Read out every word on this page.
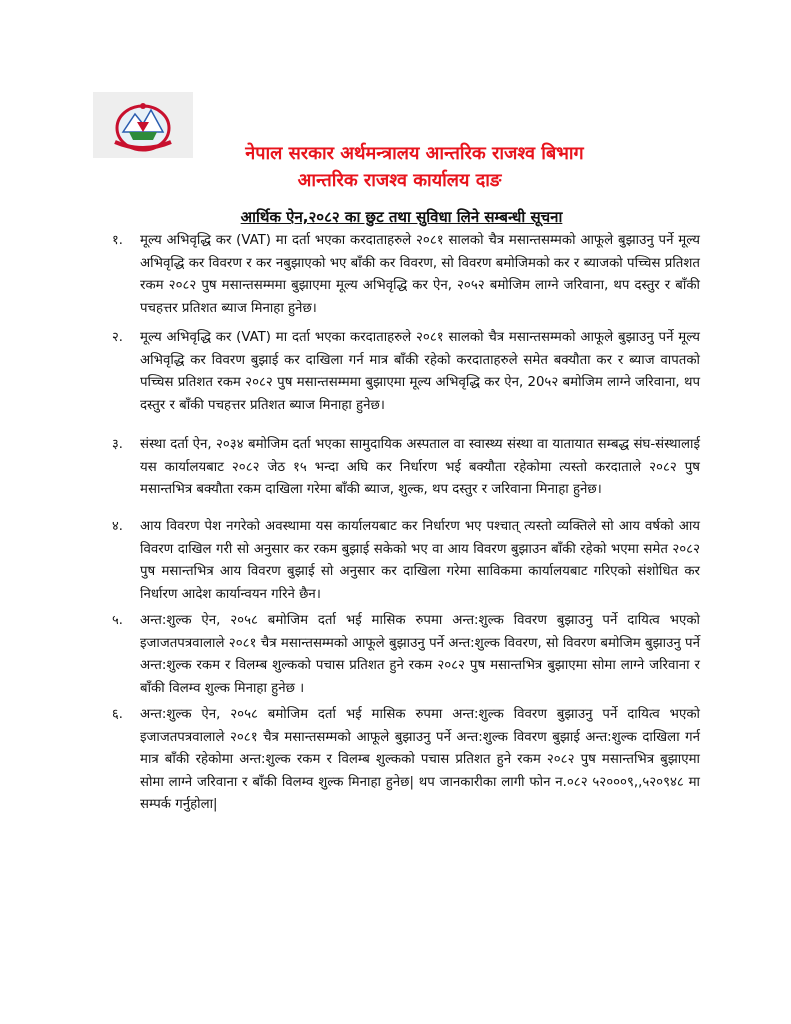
नेपाल सरकार अर्थमन्त्रालय आन्तरिक राजश्व बिभाग
आन्तरिक राजश्व कार्यालय दाङ
आर्थिक ऐन,२०८२ का छुट तथा सुविधा लिने सम्बन्धी सूचना
१. मूल्य अभिवृद्धि कर (VAT) मा दर्ता भएका करदाताहरुले २०८१ सालको चैत्र मसान्तसम्मको आफूले बुझाउनु पर्ने मूल्य अभिवृद्धि कर विवरण र कर नबुझाएको भए बाँकी कर विवरण, सो विवरण बमोजिमको कर र ब्याजको पच्चिस प्रतिशत रकम २०८२ पुष मसान्तसम्ममा बुझाएमा मूल्य अभिवृद्धि कर ऐन, २०५२ बमोजिम लाग्ने जरिवाना, थप दस्तुर र बाँकी पचहत्तर प्रतिशत ब्याज मिनाहा हुनेछ।
२. मूल्य अभिवृद्धि कर (VAT) मा दर्ता भएका करदाताहरुले २०८१ सालको चैत्र मसान्तसम्मको आफूले बुझाउनु पर्ने मूल्य अभिवृद्धि कर विवरण बुझाई कर दाखिला गर्न मात्र बाँकी रहेको करदाताहरुले समेत बक्यौता कर र ब्याज वापतको पच्चिस प्रतिशत रकम २०८२ पुष मसान्तसम्ममा बुझाएमा मूल्य अभिवृद्धि कर ऐन, 20५२ बमोजिम लाग्ने जरिवाना, थप दस्तुर र बाँकी पचहत्तर प्रतिशत ब्याज मिनाहा हुनेछ।
३. संस्था दर्ता ऐन, २०३४ बमोजिम दर्ता भएका सामुदायिक अस्पताल वा स्वास्थ्य संस्था वा यातायात सम्बद्ध संघ-संस्थालाई यस कार्यालयबाट २०८२ जेठ १५ भन्दा अघि कर निर्धारण भई बक्यौता रहेकोमा त्यस्तो करदाताले २०८२ पुष मसान्तभित्र बक्यौता रकम दाखिला गरेमा बाँकी ब्याज, शुल्क, थप दस्तुर र जरिवाना मिनाहा हुनेछ।
४. आय विवरण पेश नगरेको अवस्थामा यस कार्यालयबाट कर निर्धारण भए पश्चात् त्यस्तो व्यक्तिले सो आय वर्षको आय विवरण दाखिल गरी सो अनुसार कर रकम बुझाई सकेको भए वा आय विवरण बुझाउन बाँकी रहेको भएमा समेत २०८२ पुष मसान्तभित्र आय विवरण बुझाई सो अनुसार कर दाखिला गरेमा साविकमा कार्यालयबाट गरिएको संशोधित कर निर्धारण आदेश कार्यान्वयन गरिने छैन।
५. अन्त:शुल्क ऐन, २०५८ बमोजिम दर्ता भई मासिक रुपमा अन्त:शुल्क विवरण बुझाउनु पर्ने दायित्व भएको इजाजतपत्रवालाले २०८१ चैत्र मसान्तसम्मको आफूले बुझाउनु पर्ने अन्त:शुल्क विवरण, सो विवरण बमोजिम बुझाउनु पर्ने अन्त:शुल्क रकम र विलम्ब शुल्कको पचास प्रतिशत हुने रकम २०८२ पुष मसान्तभित्र बुझाएमा सोमा लाग्ने जरिवाना र बाँकी विलम्व शुल्क मिनाहा हुनेछ ।
६. अन्त:शुल्क ऐन, २०५८ बमोजिम दर्ता भई मासिक रुपमा अन्त:शुल्क विवरण बुझाउनु पर्ने दायित्व भएको इजाजतपत्रवालाले २०८१ चैत्र मसान्तसम्मको आफूले बुझाउनु पर्ने अन्त:शुल्क विवरण बुझाई अन्त:शुल्क दाखिला गर्न मात्र बाँकी रहेकोमा अन्त:शुल्क रकम र विलम्ब शुल्कको पचास प्रतिशत हुने रकम २०८२ पुष मसान्तभित्र बुझाएमा सोमा लाग्ने जरिवाना र बाँकी विलम्व शुल्क मिनाहा हुनेछ| थप जानकारीका लागी फोन न.०८२ ५२०००९,,५२०९४८ मा सम्पर्क गर्नुहोला|
